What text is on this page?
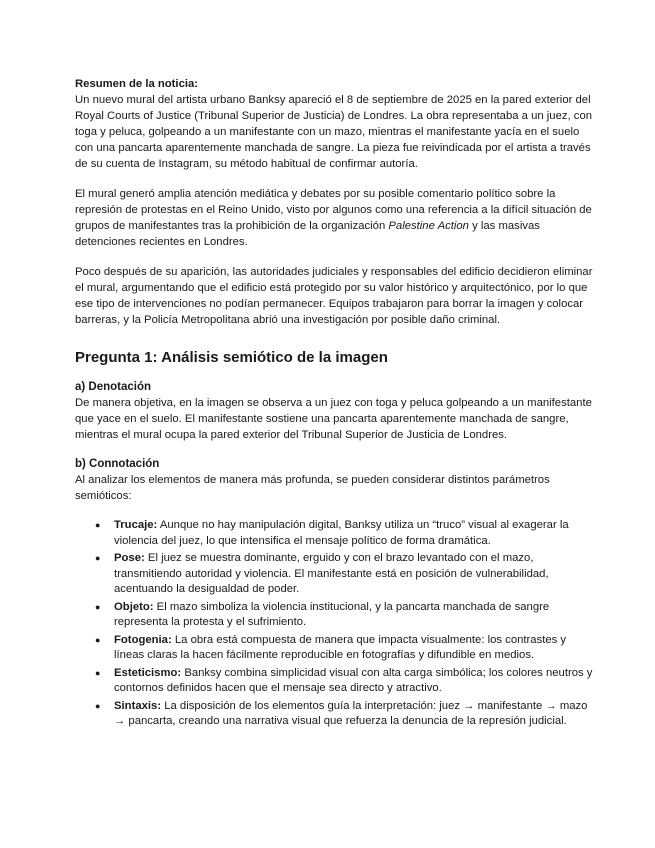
Resumen de la noticia:

Un nuevo mural del artista urbano Banksy apareció el 8 de septiembre de 2025 en la pared exterior del Royal Courts of Justice (Tribunal Superior de Justicia) de Londres. La obra representaba a un juez, con toga y peluca, golpeando a un manifestante con un mazo, mientras el manifestante yacía en el suelo con una pancarta aparentemente manchada de sangre. La pieza fue reivindicada por el artista a través de su cuenta de Instagram, su método habitual de confirmar autoría.

El mural generó amplia atención mediática y debates por su posible comentario político sobre la represión de protestas en el Reino Unido, visto por algunos como una referencia a la difícil situación de grupos de manifestantes tras la prohibición de la organización Palestine Action y las masivas detenciones recientes en Londres.

Poco después de su aparición, las autoridades judiciales y responsables del edificio decidieron eliminar el mural, argumentando que el edificio está protegido por su valor histórico y arquitectónico, por lo que ese tipo de intervenciones no podían permanecer. Equipos trabajaron para borrar la imagen y colocar barreras, y la Policía Metropolitana abrió una investigación por posible daño criminal.

Pregunta 1: Análisis semiótico de la imagen
a) Denotación

De manera objetiva, en la imagen se observa a un juez con toga y peluca golpeando a un manifestante que yace en el suelo. El manifestante sostiene una pancarta aparentemente manchada de sangre, mientras el mural ocupa la pared exterior del Tribunal Superior de Justicia de Londres.

b) Connotación

Al analizar los elementos de manera más profunda, se pueden considerar distintos parámetros semióticos:

● Trucaje: Aunque no hay manipulación digital, Banksy utiliza un “truco” visual al exagerar la violencia del juez, lo que intensifica el mensaje político de forma dramática.
● Pose: El juez se muestra dominante, erguido y con el brazo levantado con el mazo, transmitiendo autoridad y violencia. El manifestante está en posición de vulnerabilidad, acentuando la desigualdad de poder.
● Objeto: El mazo simboliza la violencia institucional, y la pancarta manchada de sangre representa la protesta y el sufrimiento.
● Fotogenia: La obra está compuesta de manera que impacta visualmente: los contrastes y líneas claras la hacen fácilmente reproducible en fotografías y difundible en medios.
● Esteticismo: Banksy combina simplicidad visual con alta carga simbólica; los colores neutros y contornos definidos hacen que el mensaje sea directo y atractivo.
● Sintaxis: La disposición de los elementos guía la interpretación: juez → manifestante → mazo → pancarta, creando una narrativa visual que refuerza la denuncia de la represión judicial.
